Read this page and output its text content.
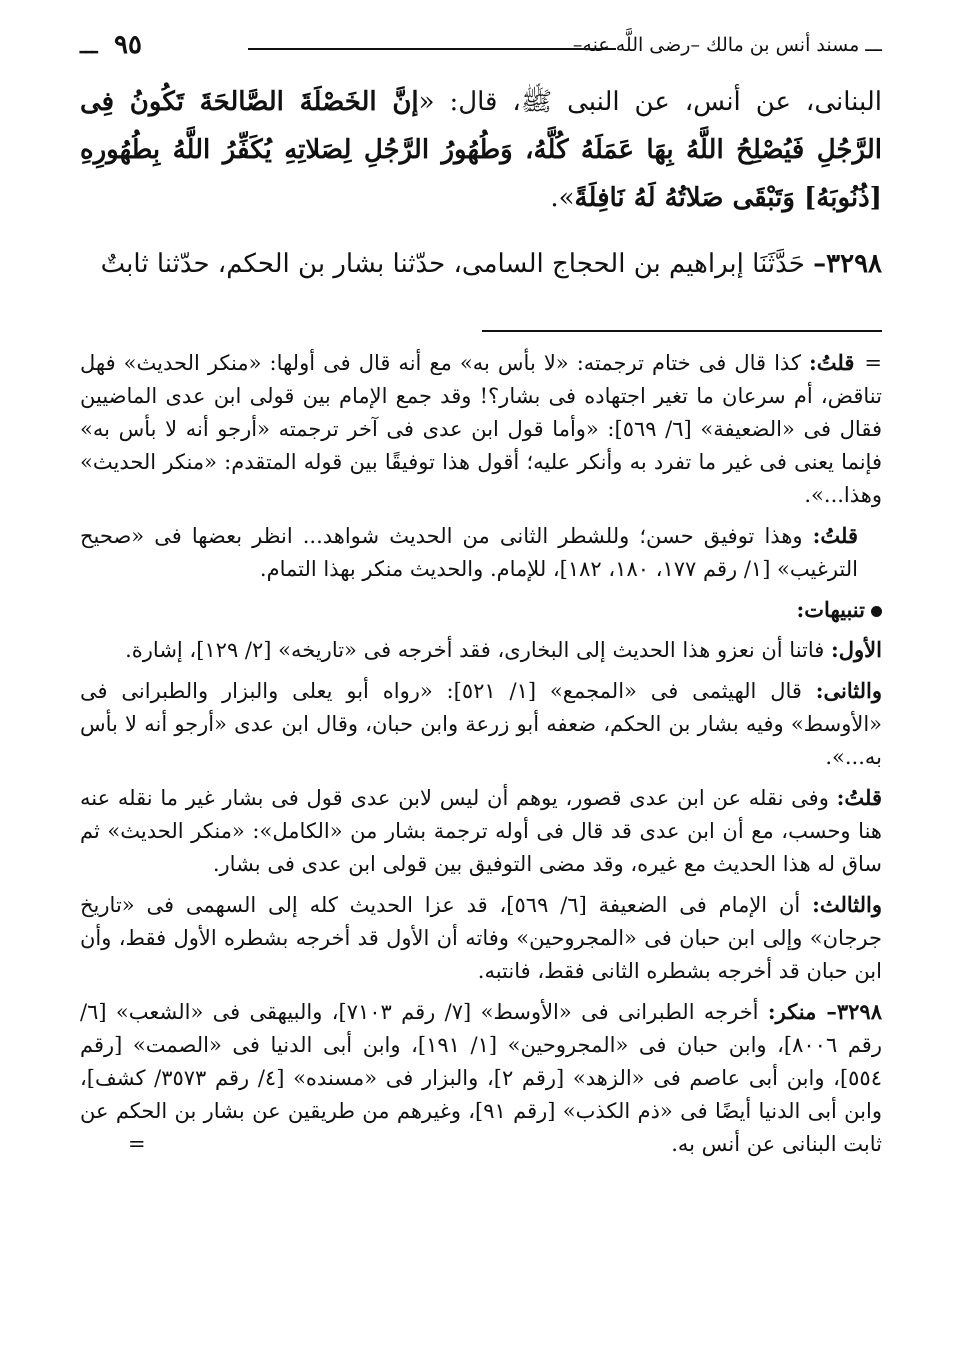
ـــ مسند أنس بن مالك –رضى اللَّه عنه–
٩٥
ـــ

البنانى، عن أنس، عن النبى ﷺ، قال: «إنَّ الخَصْلَةَ الصَّالحَةَ تَكُونُ فِى الرَّجُلِ فَيُصْلِحُ اللَّهُ بِهَا عَمَلَهُ كُلَّهُ، وَطُهُورُ الرَّجُلِ لِصَلاتِهِ يُكَفِّرُ اللَّهُ بِطُهُورِهِ [ذُنُوبَهُ] وَتَبْقَى صَلاتُهُ لَهُ نَافِلَةً».

٣٢٩٨– حَدَّثَنَا إبراهيم بن الحجاج السامى، حدّثنا بشار بن الحكم، حدّثنا ثابتٌ

=قلتُ: كذا قال فى ختام ترجمته: «لا بأس به» مع أنه قال فى أولها: «منكر الحديث» فهل تناقض، أم سرعان ما تغير اجتهاده فى بشار؟! وقد جمع الإمام بين قولى ابن عدى الماضيين فقال فى «الضعيفة» [٦/ ٥٦٩]: «وأما قول ابن عدى فى آخر ترجمته «أرجو أنه لا بأس به» فإنما يعنى فى غير ما تفرد به وأنكر عليه؛ أقول هذا توفيقًا بين قوله المتقدم: «منكر الحديث» وهذا...».

قلتُ: وهذا توفيق حسن؛ وللشطر الثانى من الحديث شواهد... انظر بعضها فى «صحيح الترغيب» [١/ رقم ١٧٧، ١٨٠، ١٨٢]، للإمام. والحديث منكر بهذا التمام.

تنبيهات:

الأول: فاتنا أن نعزو هذا الحديث إلى البخارى، فقد أخرجه فى «تاريخه» [٢/ ١٢٩]، إشارة.

والثانى: قال الهيثمى فى «المجمع» [١/ ٥٢١]: «رواه أبو يعلى والبزار والطبرانى فى «الأوسط» وفيه بشار بن الحكم، ضعفه أبو زرعة وابن حبان، وقال ابن عدى «أرجو أنه لا بأس به...».

قلتُ: وفى نقله عن ابن عدى قصور، يوهم أن ليس لابن عدى قول فى بشار غير ما نقله عنه هنا وحسب، مع أن ابن عدى قد قال فى أوله ترجمة بشار من «الكامل»: «منكر الحديث» ثم ساق له هذا الحديث مع غيره، وقد مضى التوفيق بين قولى ابن عدى فى بشار.

والثالث: أن الإمام فى الضعيفة [٦/ ٥٦٩]، قد عزا الحديث كله إلى السهمى فى «تاريخ جرجان» وإلى ابن حبان فى «المجروحين» وفاته أن الأول قد أخرجه بشطره الأول فقط، وأن ابن حبان قد أخرجه بشطره الثانى فقط، فانتبه.

٣٢٩٨– منكر: أخرجه الطبرانى فى «الأوسط» [٧/ رقم ٧١٠٣]، والبيهقى فى «الشعب» [٦/ رقم ٨٠٠٦]، وابن حبان فى «المجروحين» [١/ ١٩١]، وابن أبى الدنيا فى «الصمت» [رقم ٥٥٤]، وابن أبى عاصم فى «الزهد» [رقم ٢]، والبزار فى «مسنده» [٤/ رقم ٣٥٧٣/ كشف]، وابن أبى الدنيا أيضًا فى «ذم الكذب» [رقم ٩١]، وغيرهم من طريقين عن بشار بن الحكم عن ثابت البنانى عن أنس به.
=
